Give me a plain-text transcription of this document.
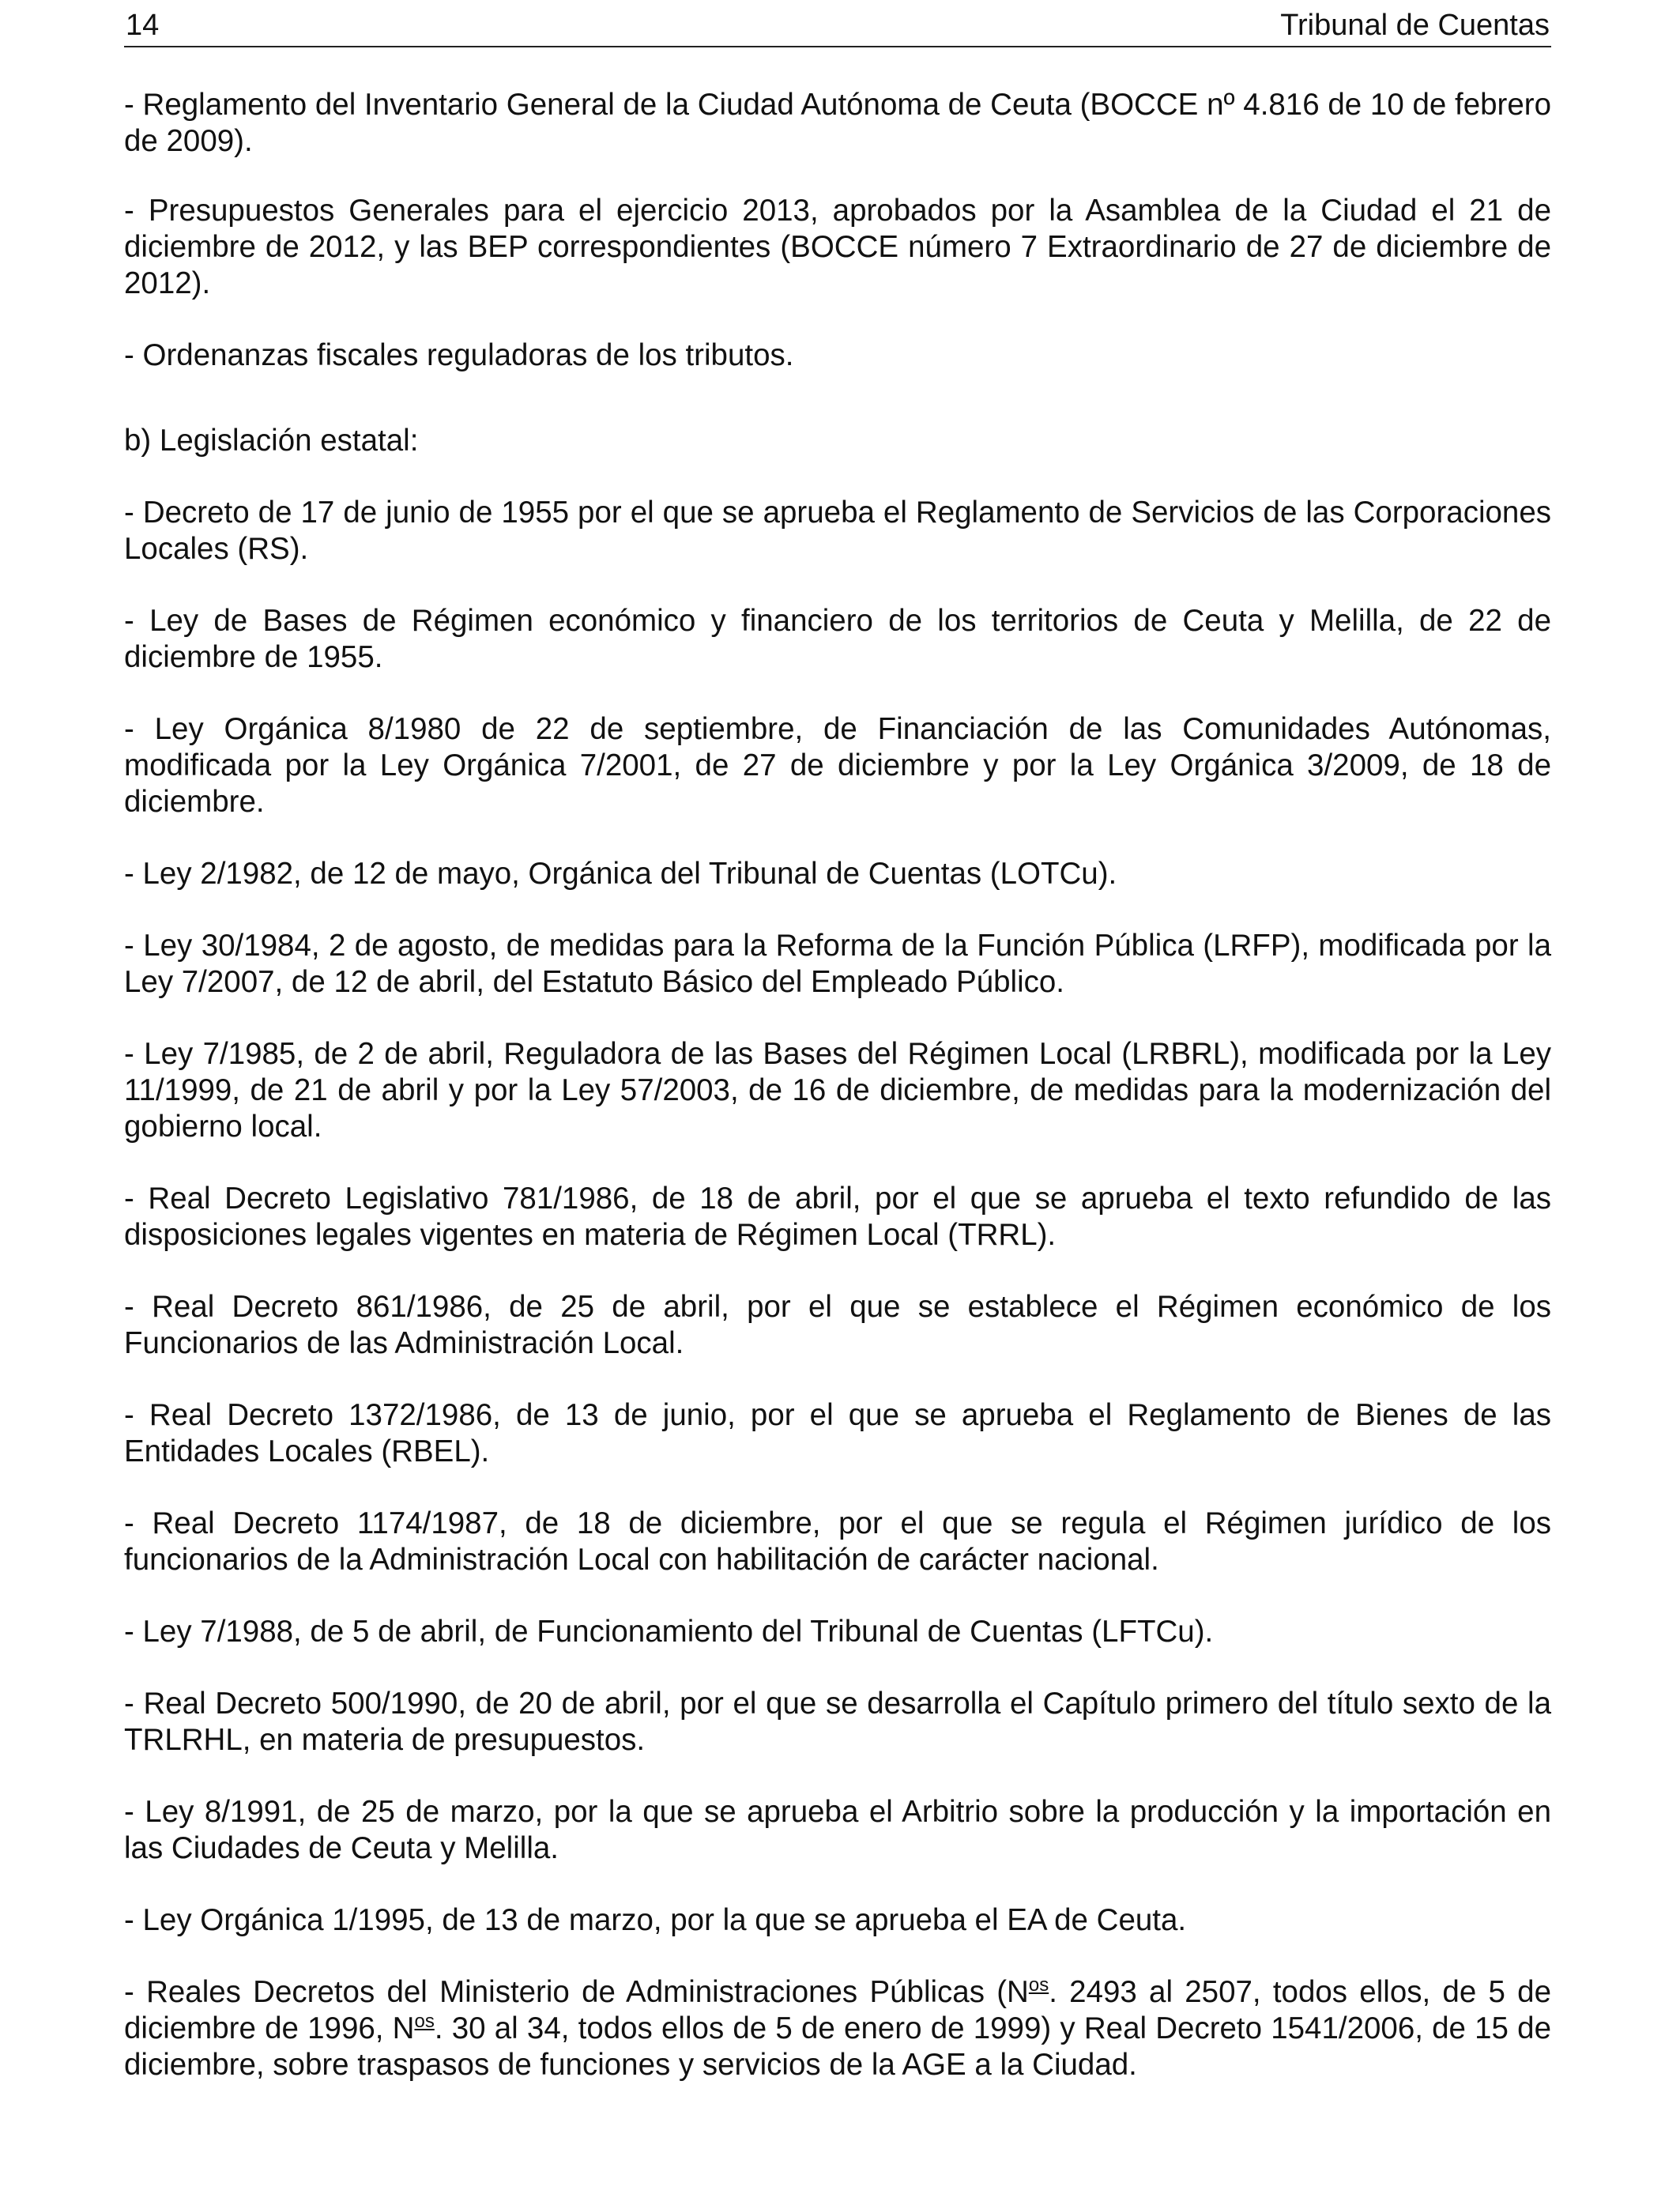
14	Tribunal de Cuentas

- Reglamento del Inventario General de la Ciudad Autónoma de Ceuta (BOCCE nº 4.816 de 10 de febrero de 2009).

- Presupuestos Generales para el ejercicio 2013, aprobados por la Asamblea de la Ciudad el 21 de diciembre de 2012, y las BEP correspondientes (BOCCE número 7 Extraordinario de 27 de diciembre de 2012).

- Ordenanzas fiscales reguladoras de los tributos.

b) Legislación estatal:

- Decreto de 17 de junio de 1955 por el que se aprueba el Reglamento de Servicios de las Corporaciones Locales (RS).

- Ley de Bases de Régimen económico y financiero de los territorios de Ceuta y Melilla, de 22 de diciembre de 1955.

- Ley Orgánica 8/1980 de 22 de septiembre, de Financiación de las Comunidades Autónomas, modificada por la Ley Orgánica 7/2001, de 27 de diciembre y por la Ley Orgánica 3/2009, de 18 de diciembre.

- Ley 2/1982, de 12 de mayo, Orgánica del Tribunal de Cuentas (LOTCu).

- Ley 30/1984, 2 de agosto, de medidas para la Reforma de la Función Pública (LRFP), modificada por la Ley 7/2007, de 12 de abril, del Estatuto Básico del Empleado Público.

- Ley 7/1985, de 2 de abril, Reguladora de las Bases del Régimen Local (LRBRL), modificada por la Ley 11/1999, de 21 de abril y por la Ley 57/2003, de 16 de diciembre, de medidas para la modernización del gobierno local.

- Real Decreto Legislativo 781/1986, de 18 de abril, por el que se aprueba el texto refundido de las disposiciones legales vigentes en materia de Régimen Local (TRRL).

- Real Decreto 861/1986, de 25 de abril, por el que se establece el Régimen económico de los Funcionarios de las Administración Local.

- Real Decreto 1372/1986, de 13 de junio, por el que se aprueba el Reglamento de Bienes de las Entidades Locales (RBEL).

- Real Decreto 1174/1987, de 18 de diciembre, por el que se regula el Régimen jurídico de los funcionarios de la Administración Local con habilitación de carácter nacional.

- Ley 7/1988, de 5 de abril, de Funcionamiento del Tribunal de Cuentas (LFTCu).

- Real Decreto 500/1990, de 20 de abril, por el que se desarrolla el Capítulo primero del título sexto de la TRLRHL, en materia de presupuestos.

- Ley 8/1991, de 25 de marzo, por la que se aprueba el Arbitrio sobre la producción y la importación en las Ciudades de Ceuta y Melilla.

- Ley Orgánica 1/1995, de 13 de marzo, por la que se aprueba el EA de Ceuta.

- Reales Decretos del Ministerio de Administraciones Públicas ($N^{os}$. 2493 al 2507, todos ellos, de 5 de diciembre de 1996, $N^{os}$. 30 al 34, todos ellos de 5 de enero de 1999) y Real Decreto 1541/2006, de 15 de diciembre, sobre traspasos de funciones y servicios de la AGE a la Ciudad.
